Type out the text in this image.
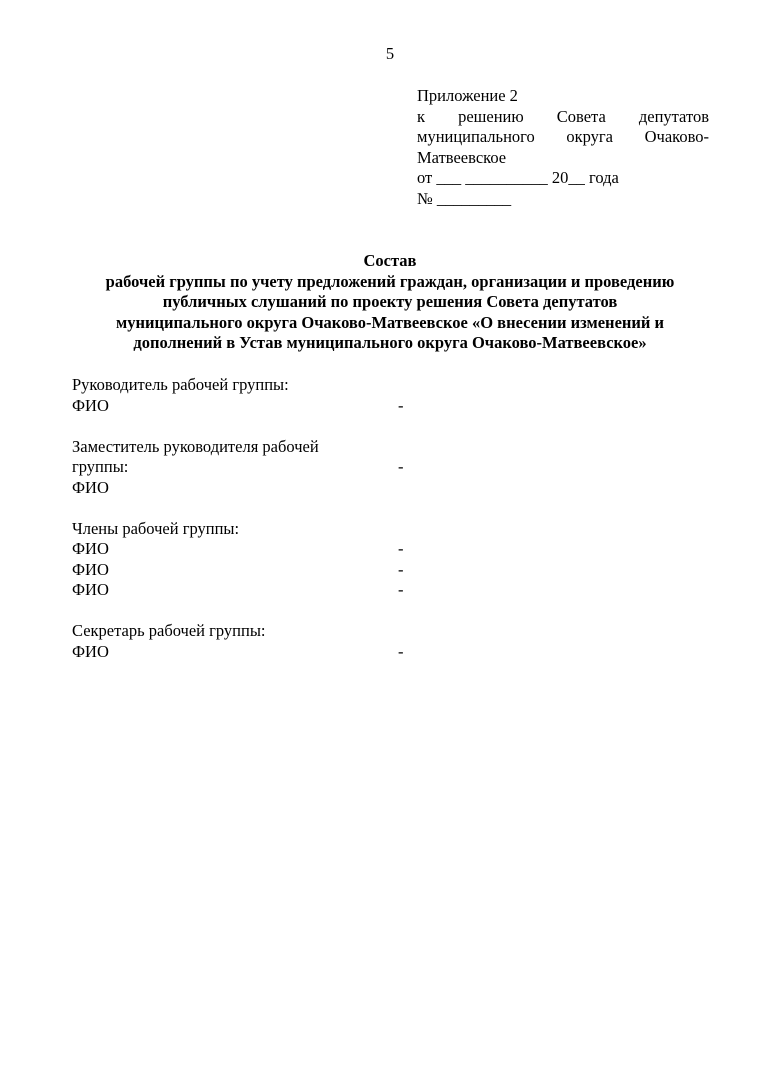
5
Приложение 2
к решению Совета депутатов
муниципального округа Очаково-
Матвеевское
от ___ __________ 20__ года
№ _________
Состав
рабочей группы по учету предложений граждан, организации и проведению
публичных слушаний по проекту решения Совета депутатов
муниципального округа Очаково-Матвеевское «О внесении изменений и
дополнений в Устав муниципального округа Очаково-Матвеевское»
Руководитель рабочей группы:
ФИО	-
Заместитель руководителя рабочей
группы:	-
ФИО
Члены рабочей группы:
ФИО	-
ФИО	-
ФИО	-
Секретарь рабочей группы:
ФИО	-
